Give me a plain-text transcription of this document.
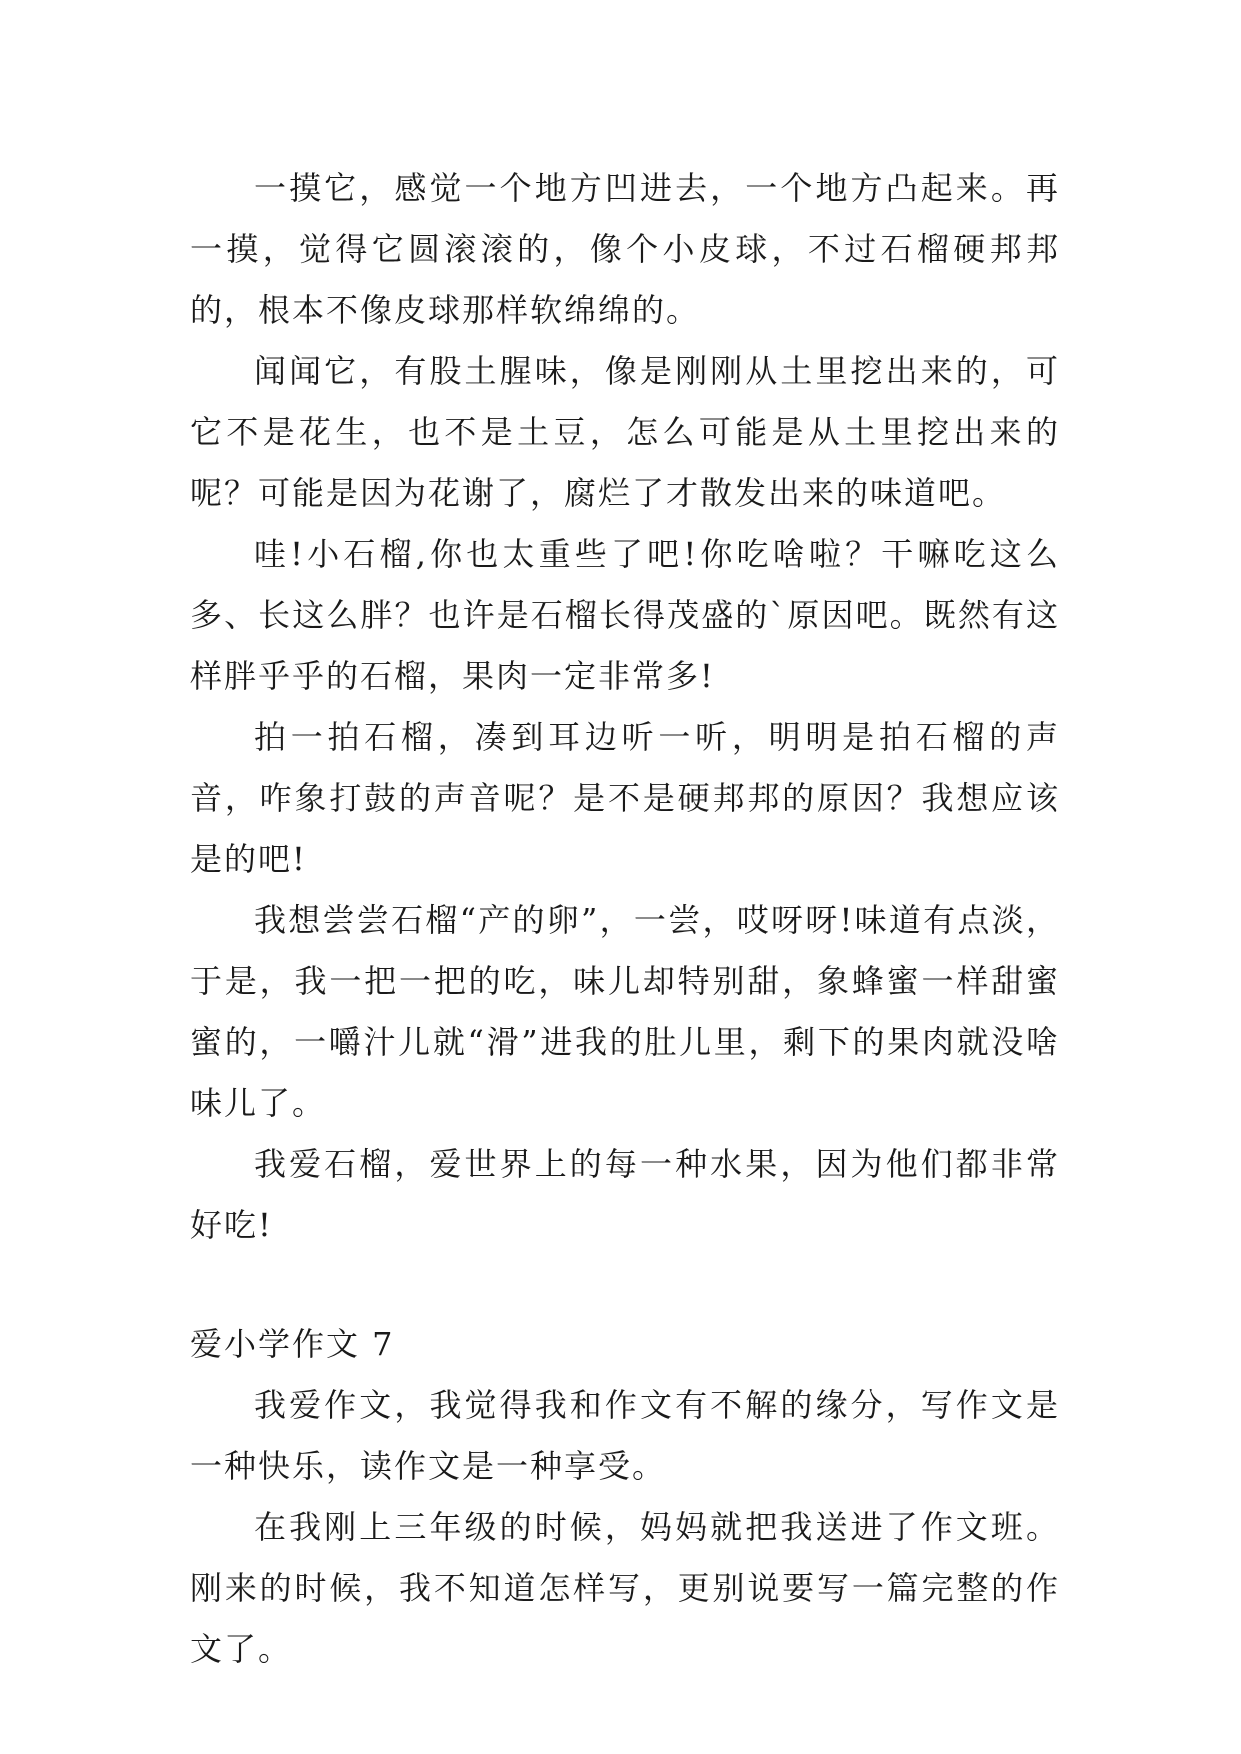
一摸它，感觉一个地方凹进去，一个地方凸起来。再一摸，觉得它圆滚滚的，像个小皮球，不过石榴硬邦邦的，根本不像皮球那样软绵绵的。

闻闻它，有股土腥味，像是刚刚从土里挖出来的，可它不是花生，也不是土豆，怎么可能是从土里挖出来的呢？可能是因为花谢了，腐烂了才散发出来的味道吧。

哇!小石榴,你也太重些了吧!你吃啥啦？干嘛吃这么多、长这么胖？也许是石榴长得茂盛的`原因吧。既然有这样胖乎乎的石榴，果肉一定非常多!

拍一拍石榴，凑到耳边听一听，明明是拍石榴的声音，咋象打鼓的声音呢？是不是硬邦邦的原因？我想应该是的吧!

我想尝尝石榴“产的卵”，一尝，哎呀呀!味道有点淡，于是，我一把一把的吃，味儿却特别甜，象蜂蜜一样甜蜜蜜的，一嚼汁儿就“滑”进我的肚儿里，剩下的果肉就没啥味儿了。

我爱石榴，爱世界上的每一种水果，因为他们都非常好吃!

爱小学作文 7

我爱作文，我觉得我和作文有不解的缘分，写作文是一种快乐，读作文是一种享受。

在我刚上三年级的时候，妈妈就把我送进了作文班。刚来的时候，我不知道怎样写，更别说要写一篇完整的作文了。
